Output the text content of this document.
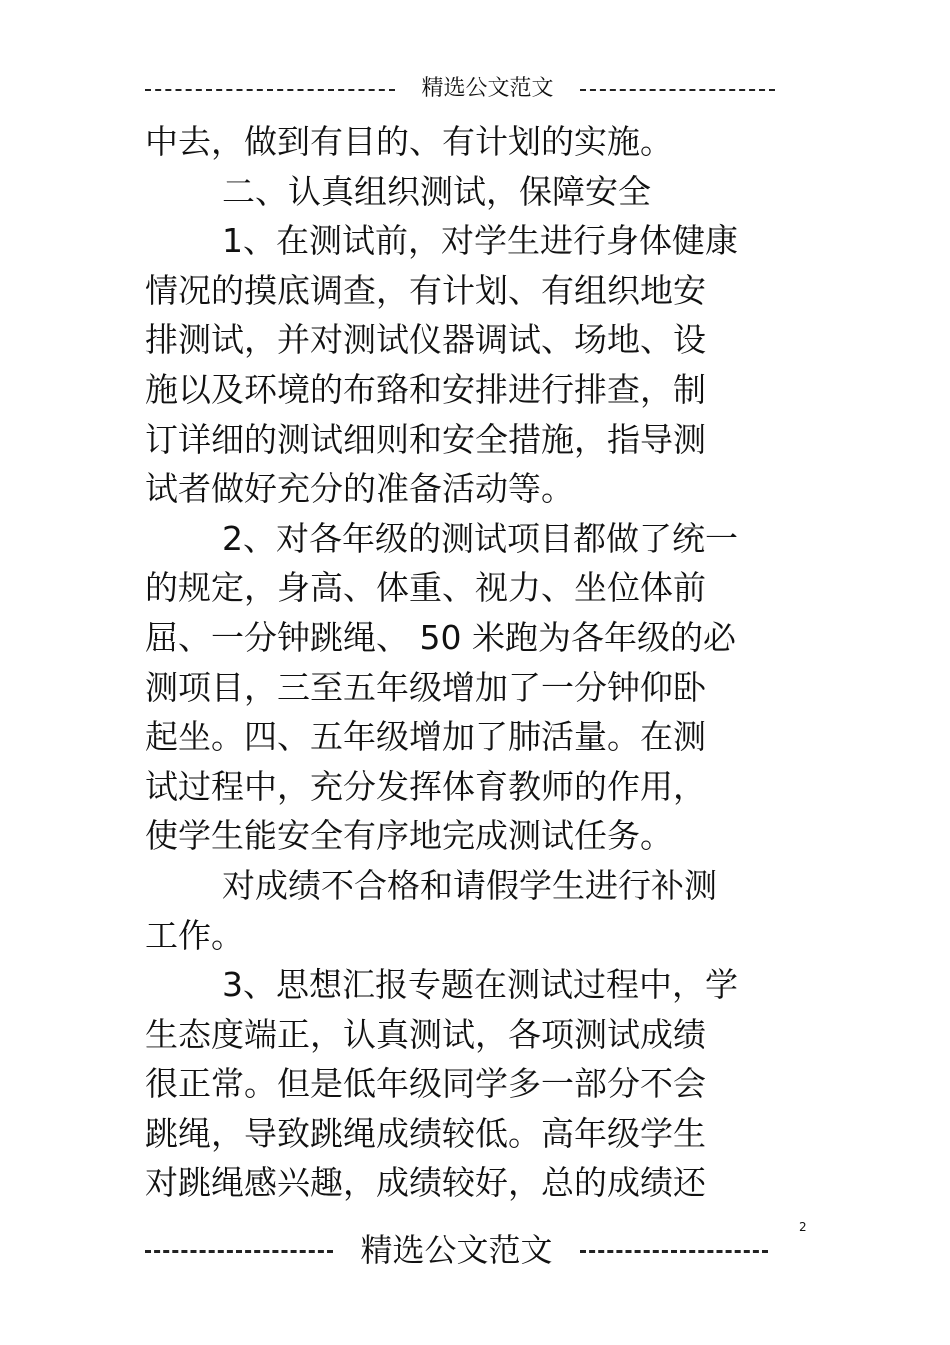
精选公文范文
中去，做到有目的、有计划的实施。
二、认真组织测试，保障安全
1、在测试前，对学生进行身体健康
情况的摸底调查，有计划、有组织地安
排测试，并对测试仪器调试、场地、设
施以及环境的布臵和安排进行排查，制
订详细的测试细则和安全措施，指导测
试者做好充分的准备活动等。
2、对各年级的测试项目都做了统一
的规定，身高、体重、视力、坐位体前
屈、一分钟跳绳、 50 米跑为各年级的必
测项目，三至五年级增加了一分钟仰卧
起坐。四、五年级增加了肺活量。在测
试过程中，充分发挥体育教师的作用，
使学生能安全有序地完成测试任务。
对成绩不合格和请假学生进行补测
工作。
3、思想汇报专题在测试过程中，学
生态度端正，认真测试，各项测试成绩
很正常。但是低年级同学多一部分不会
跳绳，导致跳绳成绩较低。高年级学生
对跳绳感兴趣，成绩较好，总的成绩还
2
精选公文范文
